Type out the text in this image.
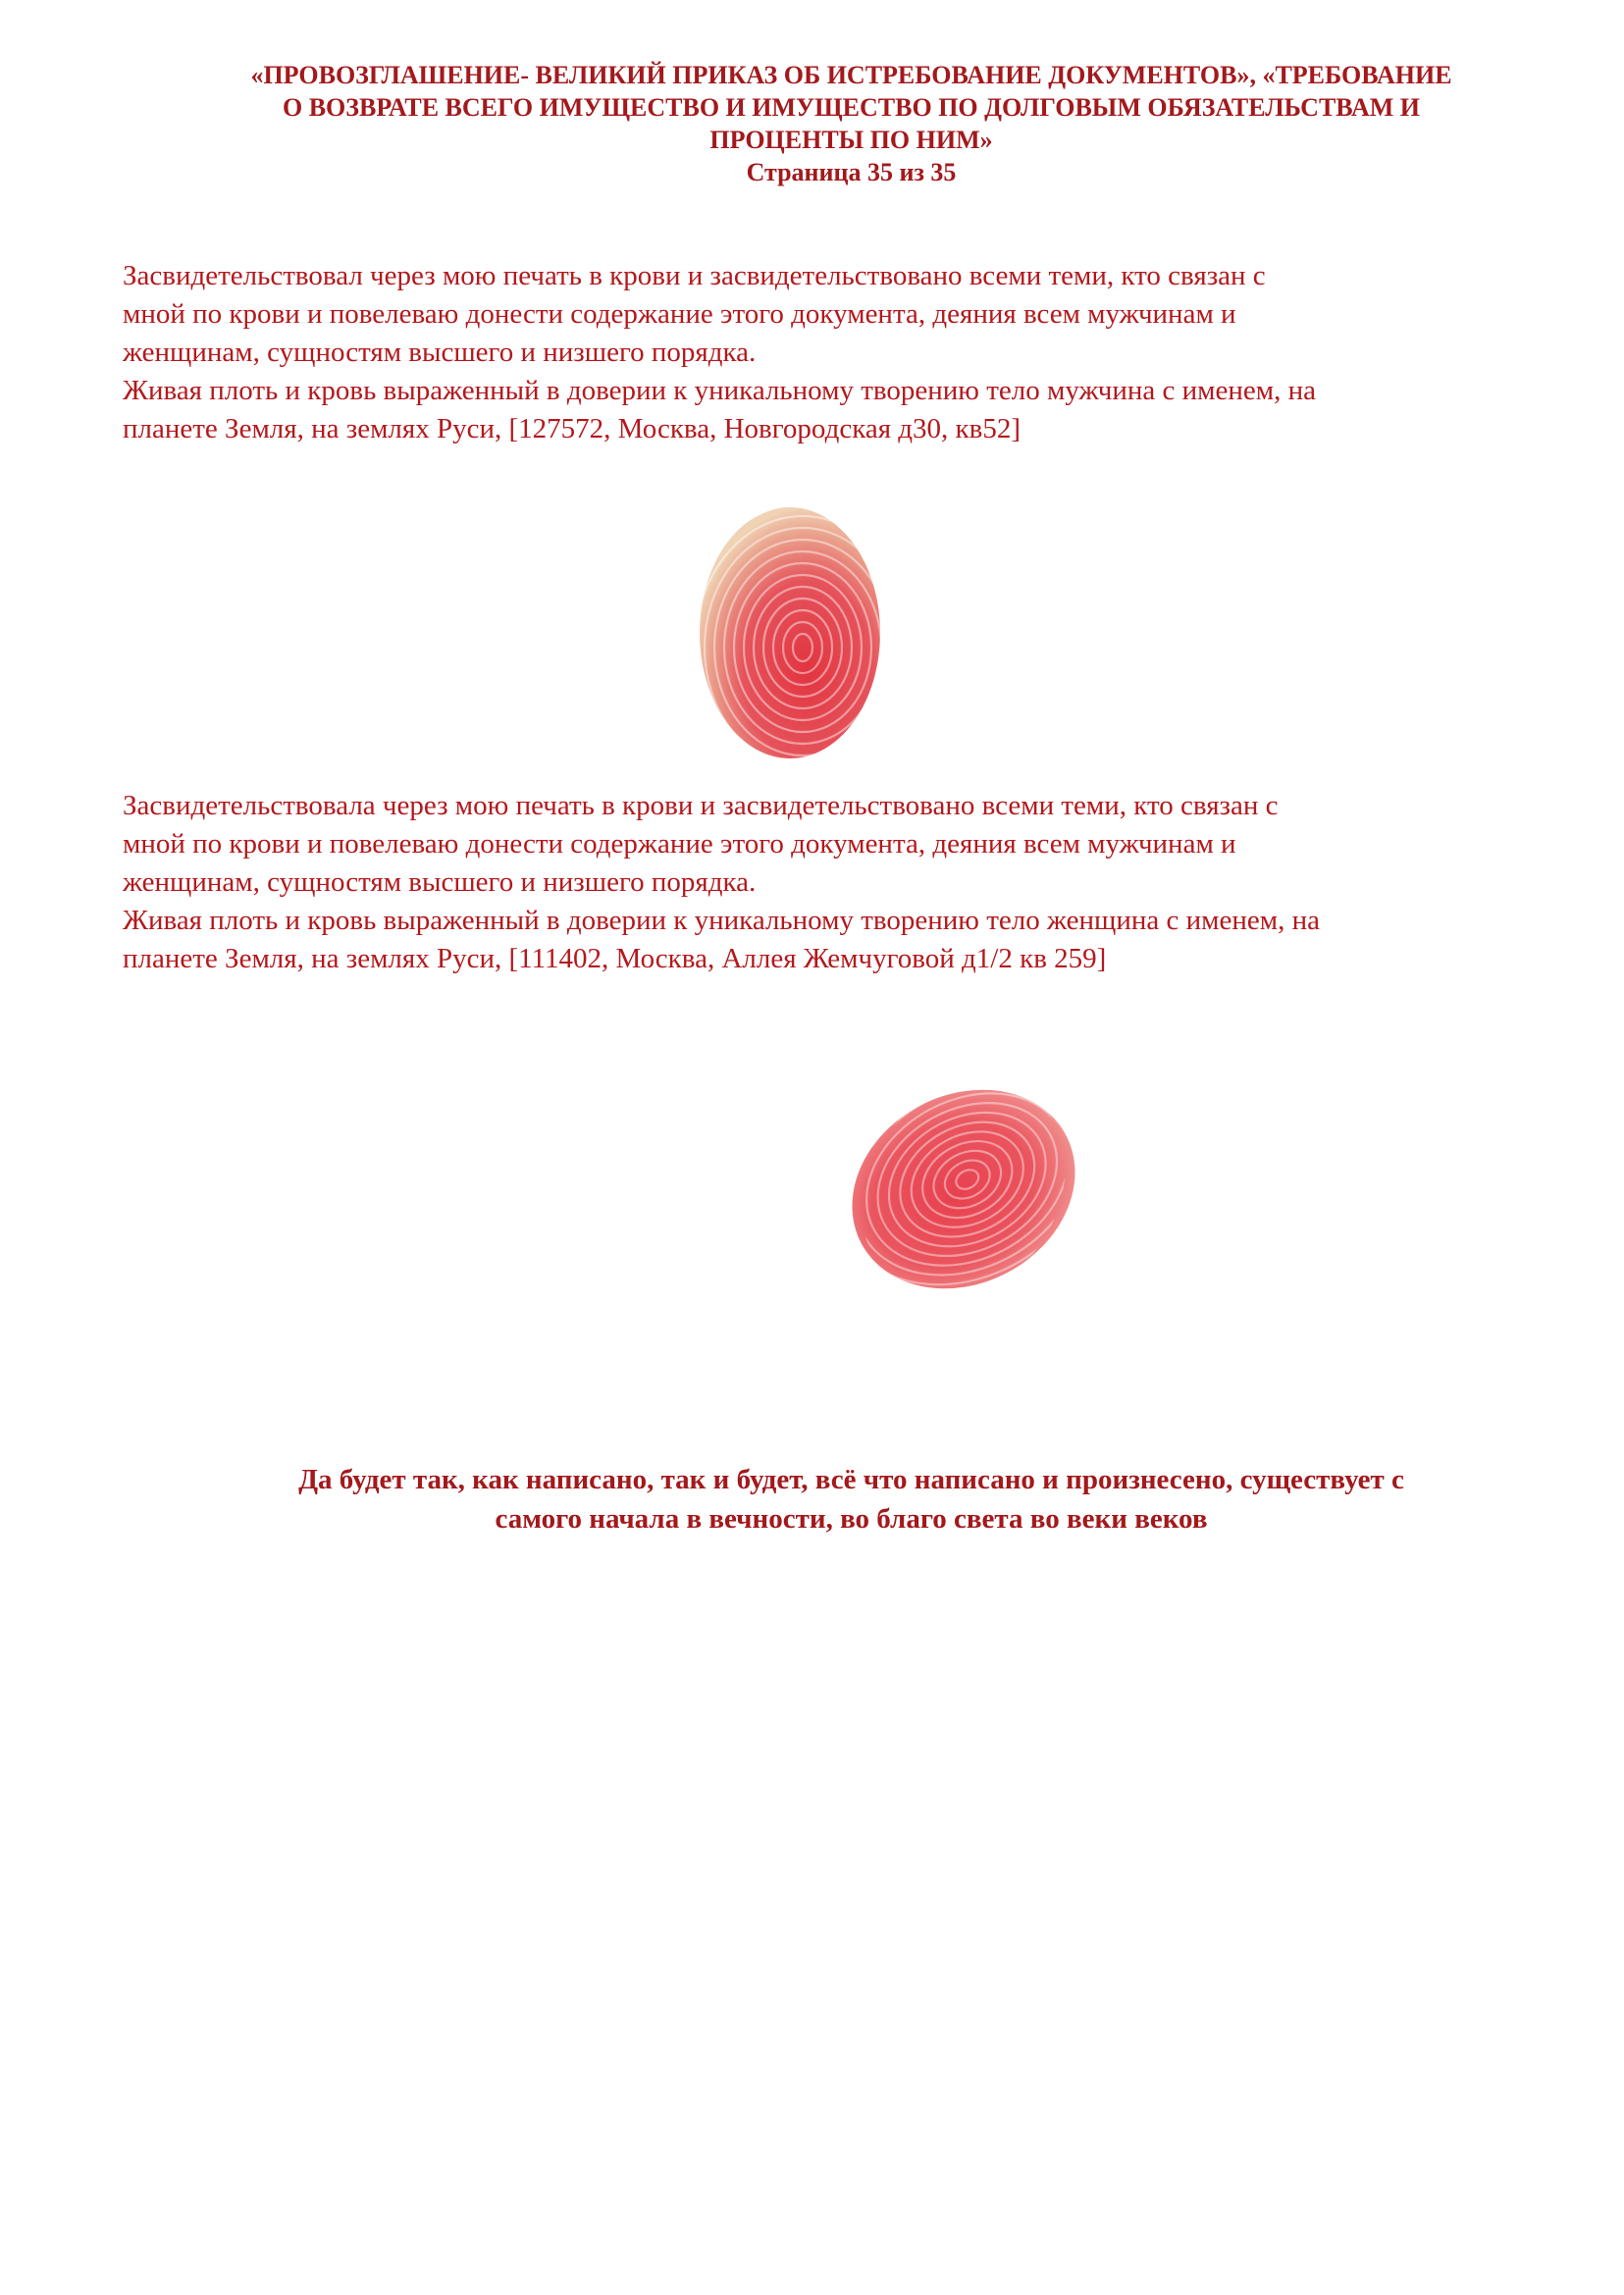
«ПРОВОЗГЛАШЕНИЕ- ВЕЛИКИЙ ПРИКАЗ ОБ ИСТРЕБОВАНИЕ ДОКУМЕНТОВ», «ТРЕБОВАНИЕ
О ВОЗВРАТЕ ВСЕГО ИМУЩЕСТВО И ИМУЩЕСТВО ПО ДОЛГОВЫМ ОБЯЗАТЕЛЬСТВАМ И
ПРОЦЕНТЫ ПО НИМ»
Страница 35 из 35
Засвидетельствовал через мою печать в крови и засвидетельствовано всеми теми, кто связан с
мной по крови и повелеваю донести содержание этого документа, деяния всем мужчинам и
женщинам, сущностям высшего и низшего порядка.
Живая плоть и кровь выраженный в доверии к уникальному творению тело мужчина с именем, на
планете Земля, на землях Руси, [127572, Москва, Новгородская д30, кв52]
Засвидетельствовала через мою печать в крови и засвидетельствовано всеми теми, кто связан с
мной по крови и повелеваю донести содержание этого документа, деяния всем мужчинам и
женщинам, сущностям высшего и низшего порядка.
Живая плоть и кровь выраженный в доверии к уникальному творению тело женщина с именем, на
планете Земля, на землях Руси, [111402, Москва, Аллея Жемчуговой д1/2 кв 259]
Да будет так, как написано, так и будет, всё что написано и произнесено, существует с
самого начала в вечности, во благо света во веки веков
